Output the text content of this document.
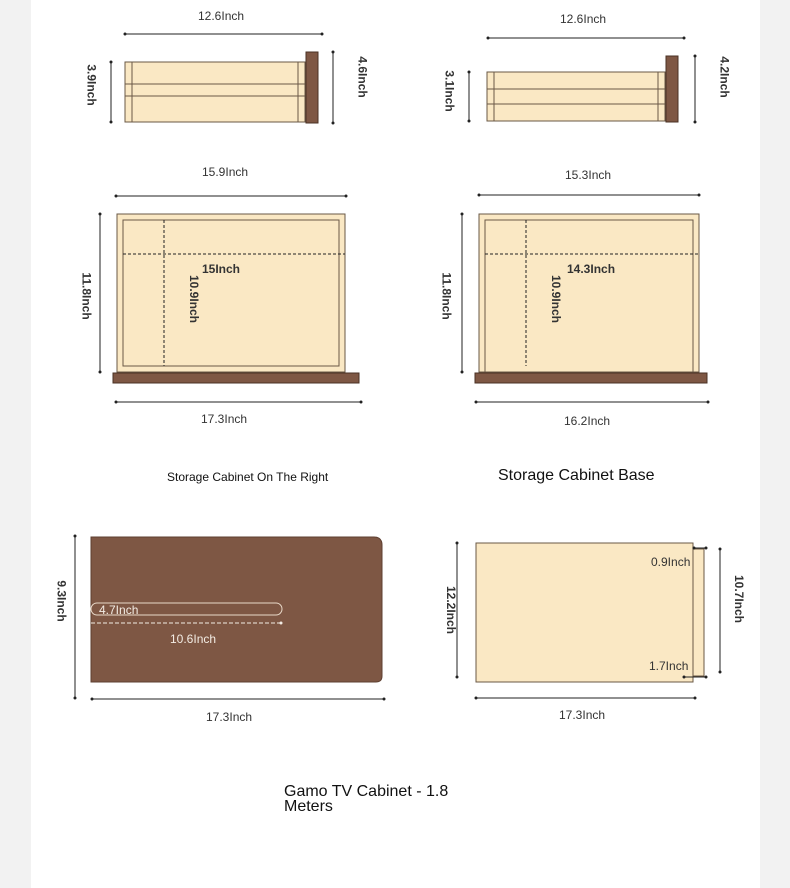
12.6Inch
3.9Inch	4.6Inch
12.6Inch
3.1Inch	4.2Inch
15.9Inch
11.8Inch
15Inch
10.9Inch
17.3Inch
15.3Inch
11.8Inch
14.3Inch
10.9Inch
16.2Inch
Storage Cabinet On The Right	Storage Cabinet Base
9.3Inch	4.7Inch
10.6Inch
17.3Inch
12.2Inch	10.7Inch
0.9Inch
1.7Inch
17.3Inch
Gamo TV Cabinet - 1.8 Meters
